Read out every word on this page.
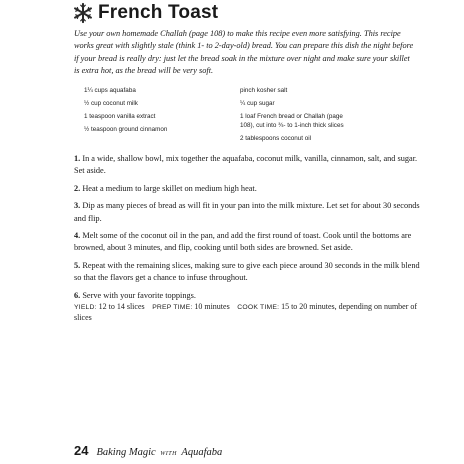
French Toast

Use your own homemade Challah (page 108) to make this recipe even more satisfying. This recipe works great with slightly stale (think 1- to 2-day-old) bread. You can prepare this dish the night before if your bread is really dry: just let the bread soak in the mixture over night and make sure your skillet is extra hot, as the bread will be very soft.

1¼ cups aquafaba
½ cup coconut milk
1 teaspoon vanilla extract
½ teaspoon ground cinnamon
pinch kosher salt
¼ cup sugar
1 loaf French bread or Challah (page
108), cut into ¾- to 1-inch thick slices
2 tablespoons coconut oil

1. In a wide, shallow bowl, mix together the aquafaba, coconut milk, vanilla, cinnamon, salt, and sugar. Set aside.

2. Heat a medium to large skillet on medium high heat.

3. Dip as many pieces of bread as will fit in your pan into the milk mixture. Let set for about 30 seconds and flip.

4. Melt some of the coconut oil in the pan, and add the first round of toast. Cook until the bottoms are browned, about 3 minutes, and flip, cooking until both sides are browned. Set aside.

5. Repeat with the remaining slices, making sure to give each piece around 30 seconds in the milk blend so that the flavors get a chance to infuse throughout.

6. Serve with your favorite toppings.

YIELD: 12 to 14 slices PREP TIME: 10 minutes COOK TIME: 15 to 20 minutes, depending on number of slices
24 Baking Magic WITH Aquafaba
